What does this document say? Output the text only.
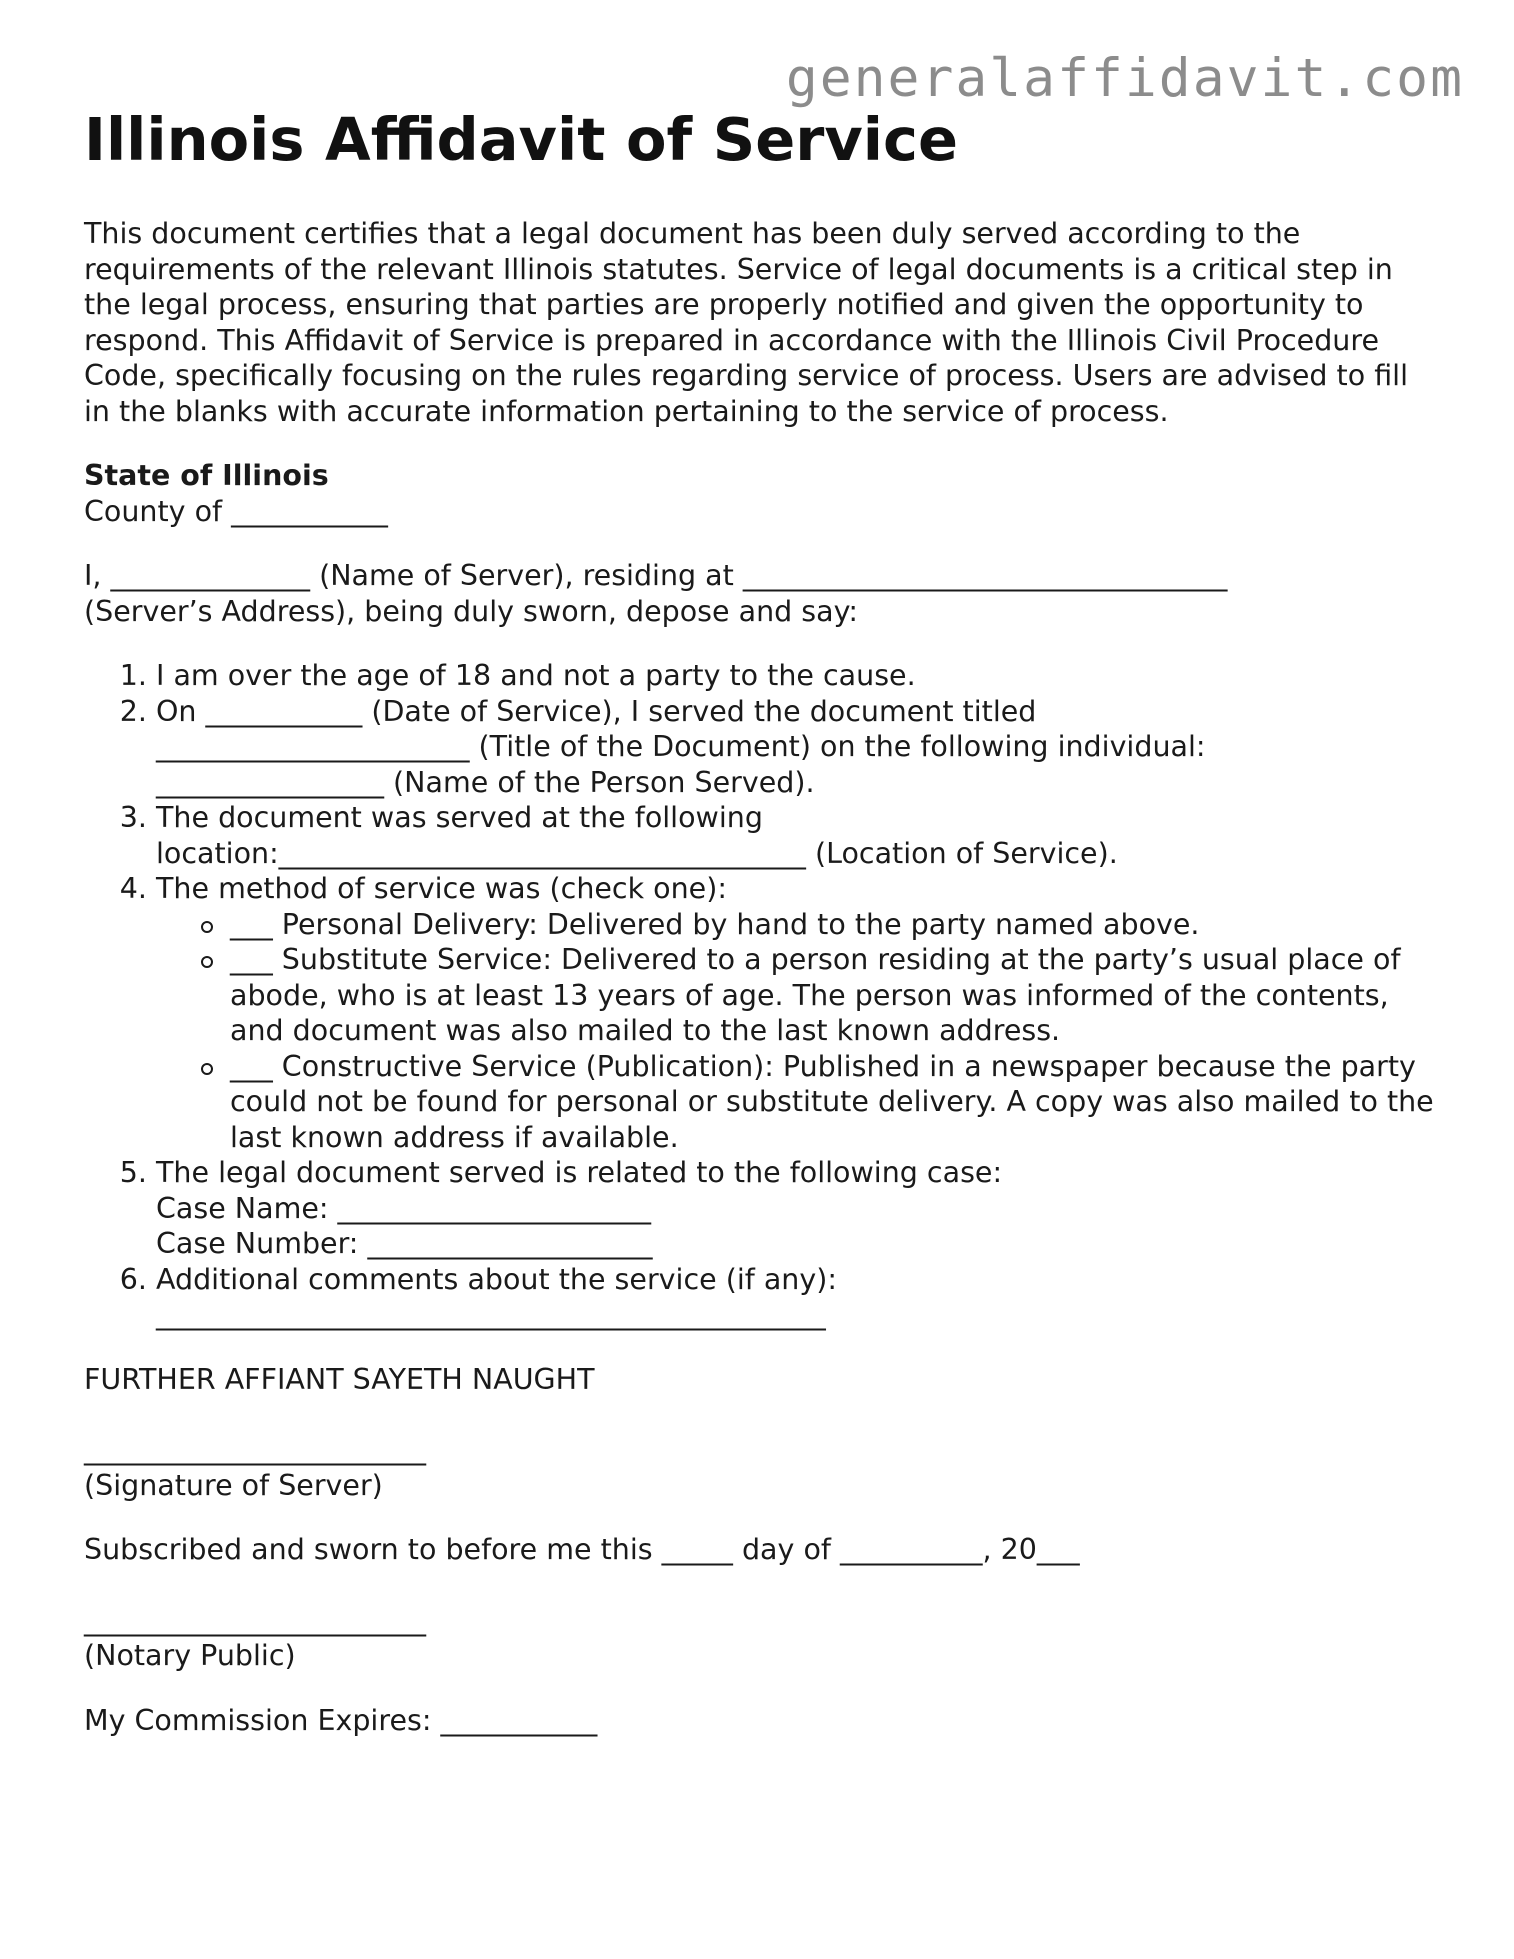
generalaffidavit.com
Illinois Affidavit of Service

This document certifies that a legal document has been duly served according to the requirements of the relevant Illinois statutes. Service of legal documents is a critical step in the legal process, ensuring that parties are properly notified and given the opportunity to respond. This Affidavit of Service is prepared in accordance with the Illinois Civil Procedure Code, specifically focusing on the rules regarding service of process. Users are advised to fill in the blanks with accurate information pertaining to the service of process.

State of Illinois
County of ___________
I, ______________ (Name of Server), residing at __________________________________
(Server’s Address), being duly sworn, depose and say:
1. I am over the age of 18 and not a party to the cause.
2. On ___________ (Date of Service), I served the document titled
______________________ (Title of the Document) on the following individual:
________________ (Name of the Person Served).
3. The document was served at the following
location:_____________________________________ (Location of Service).
4. The method of service was (check one):
___ Personal Delivery: Delivered by hand to the party named above.
___ Substitute Service: Delivered to a person residing at the party’s usual place of abode, who is at least 13 years of age. The person was informed of the contents, and document was also mailed to the last known address.
___ Constructive Service (Publication): Published in a newspaper because the party could not be found for personal or substitute delivery. A copy was also mailed to the last known address if available.
5. The legal document served is related to the following case:
Case Name: ______________________
Case Number: ____________________
6. Additional comments about the service (if any):
_______________________________________________

FURTHER AFFIANT SAYETH NAUGHT

________________________
(Signature of Server)

Subscribed and sworn to before me this _____ day of __________, 20___

________________________
(Notary Public)

My Commission Expires: ___________
